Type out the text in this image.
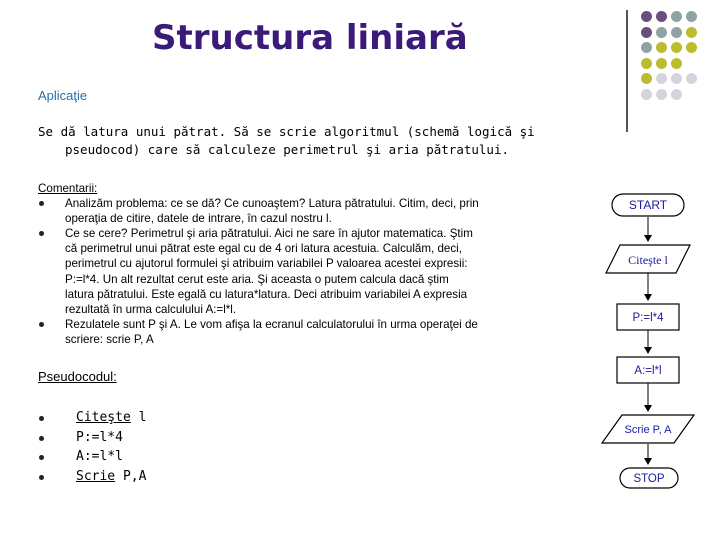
Structura liniară
Aplicaţie

Se dă latura unui pătrat. Să se scrie algoritmul (schemă logică şi

pseudocod) care să calculeze perimetrul şi aria pătratului.

Comentarii:
Analizăm problema: ce se dă? Ce cunoaştem? Latura pătratului. Citim, deci, prin
operaţia de citire, datele de intrare, în cazul nostru l.
Ce se cere? Perimetrul şi aria pătratului. Aici ne sare în ajutor matematica. Ştim
că perimetrul unui pătrat este egal cu de 4 ori latura acestuia. Calculăm, deci,
perimetrul cu ajutorul formulei şi atribuim variabilei P valoarea acestei expresii:
P:=l*4. Un alt rezultat cerut este aria. Şi aceasta o putem calcula dacă ştim
latura pătratului. Este egală cu latura*latura. Deci atribuim variabilei A expresia
rezultată în urma calculului A:=l*l.
Rezulatele sunt P şi A. Le vom afişa la ecranul calculatorului în urma operaţei de
scriere: scrie P, A
Pseudocodul:
Citeşte l
P:=l*4
A:=l*l
Scrie P,A
START
Citeşte l
P:=l*4
A:=l*l
Scrie P, A
STOP
